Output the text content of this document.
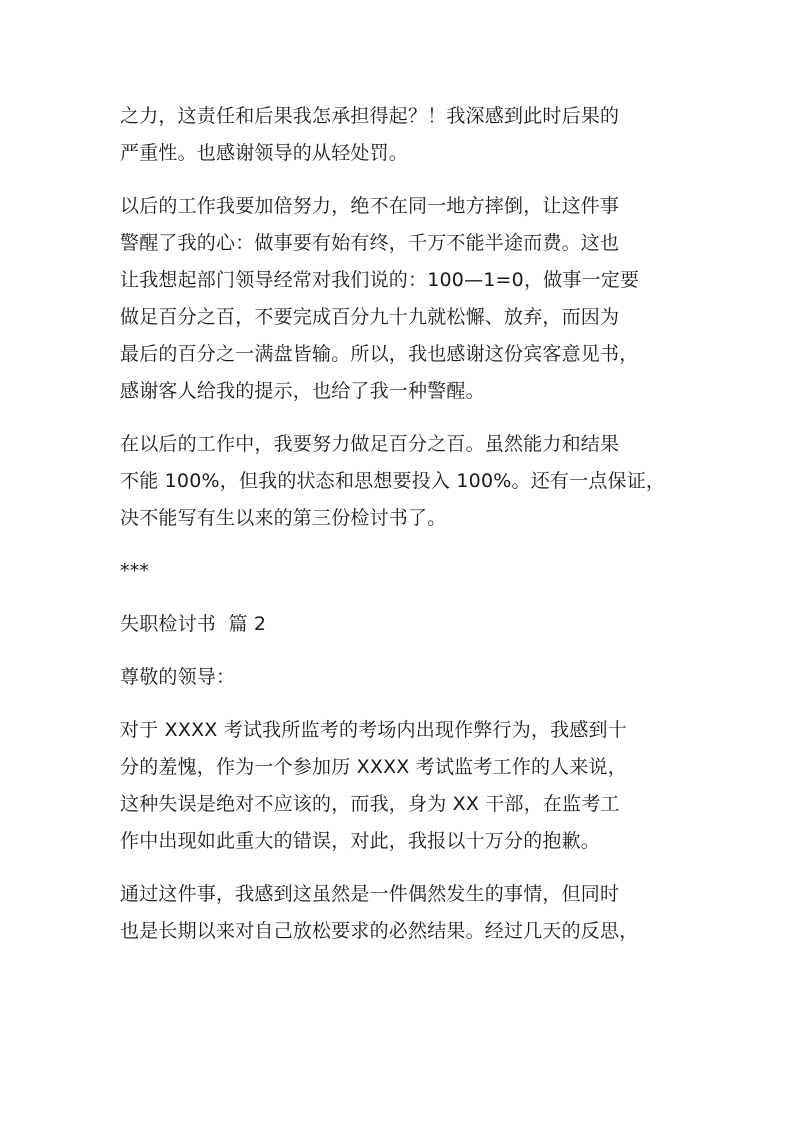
之力，这责任和后果我怎承担得起？！我深感到此时后果的
严重性。也感谢领导的从轻处罚。
以后的工作我要加倍努力，绝不在同一地方摔倒，让这件事
警醒了我的心：做事要有始有终，千万不能半途而费。这也
让我想起部门领导经常对我们说的：100—1=0，做事一定要
做足百分之百，不要完成百分九十九就松懈、放弃，而因为
最后的百分之一满盘皆输。所以，我也感谢这份宾客意见书，
感谢客人给我的提示，也给了我一种警醒。
在以后的工作中，我要努力做足百分之百。虽然能力和结果
不能 100%，但我的状态和思想要投入 100%。还有一点保证，
决不能写有生以来的第三份检讨书了。
***
失职检讨书  篇 2
尊敬的领导：
对于 XXXX 考试我所监考的考场内出现作弊行为，我感到十
分的羞愧，作为一个参加历 XXXX 考试监考工作的人来说，
这种失误是绝对不应该的，而我，身为 XX 干部，在监考工
作中出现如此重大的错误，对此，我报以十万分的抱歉。
通过这件事，我感到这虽然是一件偶然发生的事情，但同时
也是长期以来对自己放松要求的必然结果。经过几天的反思，
